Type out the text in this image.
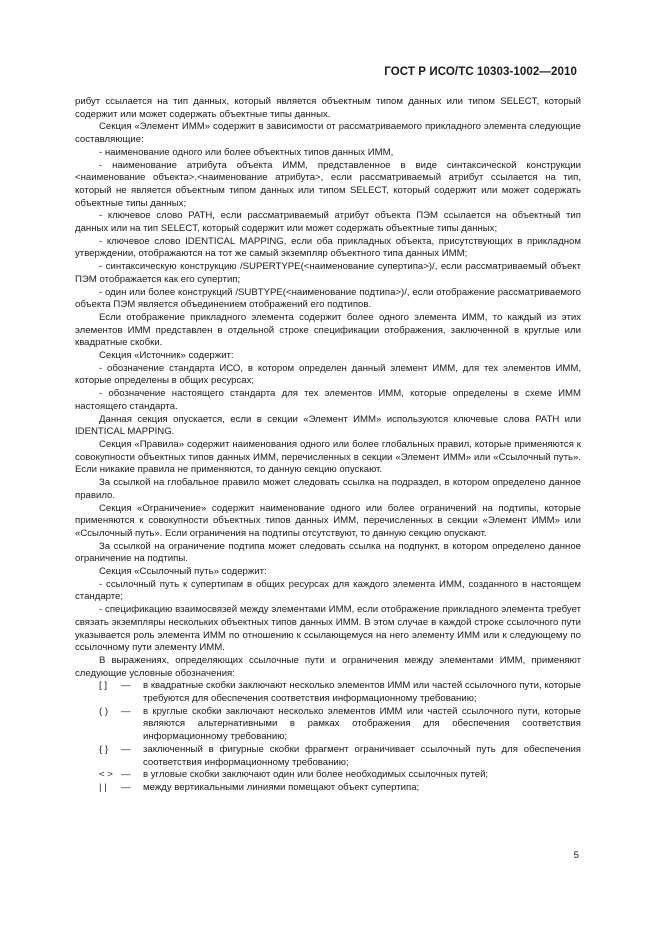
ГОСТ Р ИСО/ТС 10303-1002—2010

рибут ссылается на тип данных, который является объектным типом данных или типом SELECT, который содержит или может содержать объектные типы данных.

Секция «Элемент ИММ» содержит в зависимости от рассматриваемого прикладного элемента следующие составляющие:

- наименование одного или более объектных типов данных ИММ,

- наименование атрибута объекта ИММ, представленное в виде синтаксической конструкции <наименование объекта>.<наименование атрибута>, если рассматриваемый атрибут ссылается на тип, который не является объектным типом данных или типом SELECT, который содержит или может содержать объектные типы данных;

- ключевое слово PATH, если рассматриваемый атрибут объекта ПЭМ ссылается на объектный тип данных или на тип SELECT, который содержит или может содержать объектные типы данных;

- ключевое слово IDENTICAL MAPPING, если оба прикладных объекта, присутствующих в прикладном утверждении, отображаются на тот же самый экземпляр объектного типа данных ИММ;

- синтаксическую конструкцию /SUPERTYPE(<наименование супертипа>)/, если рассматриваемый объект ПЭМ отображается как его супертип;

- один или более конструкций /SUBTYPE(<наименование подтипа>)/, если отображение рассматриваемого объекта ПЭМ является объединением отображений его подтипов.

Если отображение прикладного элемента содержит более одного элемента ИММ, то каждый из этих элементов ИММ представлен в отдельной строке спецификации отображения, заключенной в круглые или квадратные скобки.

Секция «Источник» содержит:

- обозначение стандарта ИСО, в котором определен данный элемент ИММ, для тех элементов ИММ, которые определены в общих ресурсах;

- обозначение настоящего стандарта для тех элементов ИММ, которые определены в схеме ИММ настоящего стандарта.

Данная секция опускается, если в секции «Элемент ИММ» используются ключевые слова PATH или IDENTICAL MAPPING.

Секция «Правила» содержит наименования одного или более глобальных правил, которые применяются к совокупности объектных типов данных ИММ, перечисленных в секции «Элемент ИММ» или «Ссылочный путь». Если никакие правила не применяются, то данную секцию опускают.

За ссылкой на глобальное правило может следовать ссылка на подраздел, в котором определено данное правило.

Секция «Ограничение» содержит наименование одного или более ограничений на подтипы, которые применяются к совокупности объектных типов данных ИММ, перечисленных в секции «Элемент ИММ» или «Ссылочный путь». Если ограничения на подтипы отсутствуют, то данную секцию опускают.

За ссылкой на ограничение подтипа может следовать ссылка на подпункт, в котором определено данное ограничение на подтипы.

Секция «Ссылочный путь» содержит:

- ссылочный путь к супертипам в общих ресурсах для каждого элемента ИММ, созданного в настоящем стандарте;

- спецификацию взаимосвязей между элементами ИММ, если отображение прикладного элемента требует связать экземпляры нескольких объектных типов данных ИММ. В этом случае в каждой строке ссылочного пути указывается роль элемента ИММ по отношению к ссылающемуся на него элементу ИММ или к следующему по ссылочному пути элементу ИММ.

В выражениях, определяющих ссылочные пути и ограничения между элементами ИММ, применяют следующие условные обозначения:

[ ]	—	в квадратные скобки заключают несколько элементов ИММ или частей ссылочного пути, которые требуются для обеспечения соответствия информационному требованию;
( )	—	в круглые скобки заключают несколько элементов ИММ или частей ссылочного пути, которые являются альтернативными в рамках отображения для обеспечения соответствия информационному требованию;
{ }	—	заключенный в фигурные скобки фрагмент ограничивает ссылочный путь для обеспечения соответствия информационному требованию;
< > —	в угловые скобки заключают один или более необходимых ссылочных путей;
| |	—	между вертикальными линиями помещают объект супертипа;
5
